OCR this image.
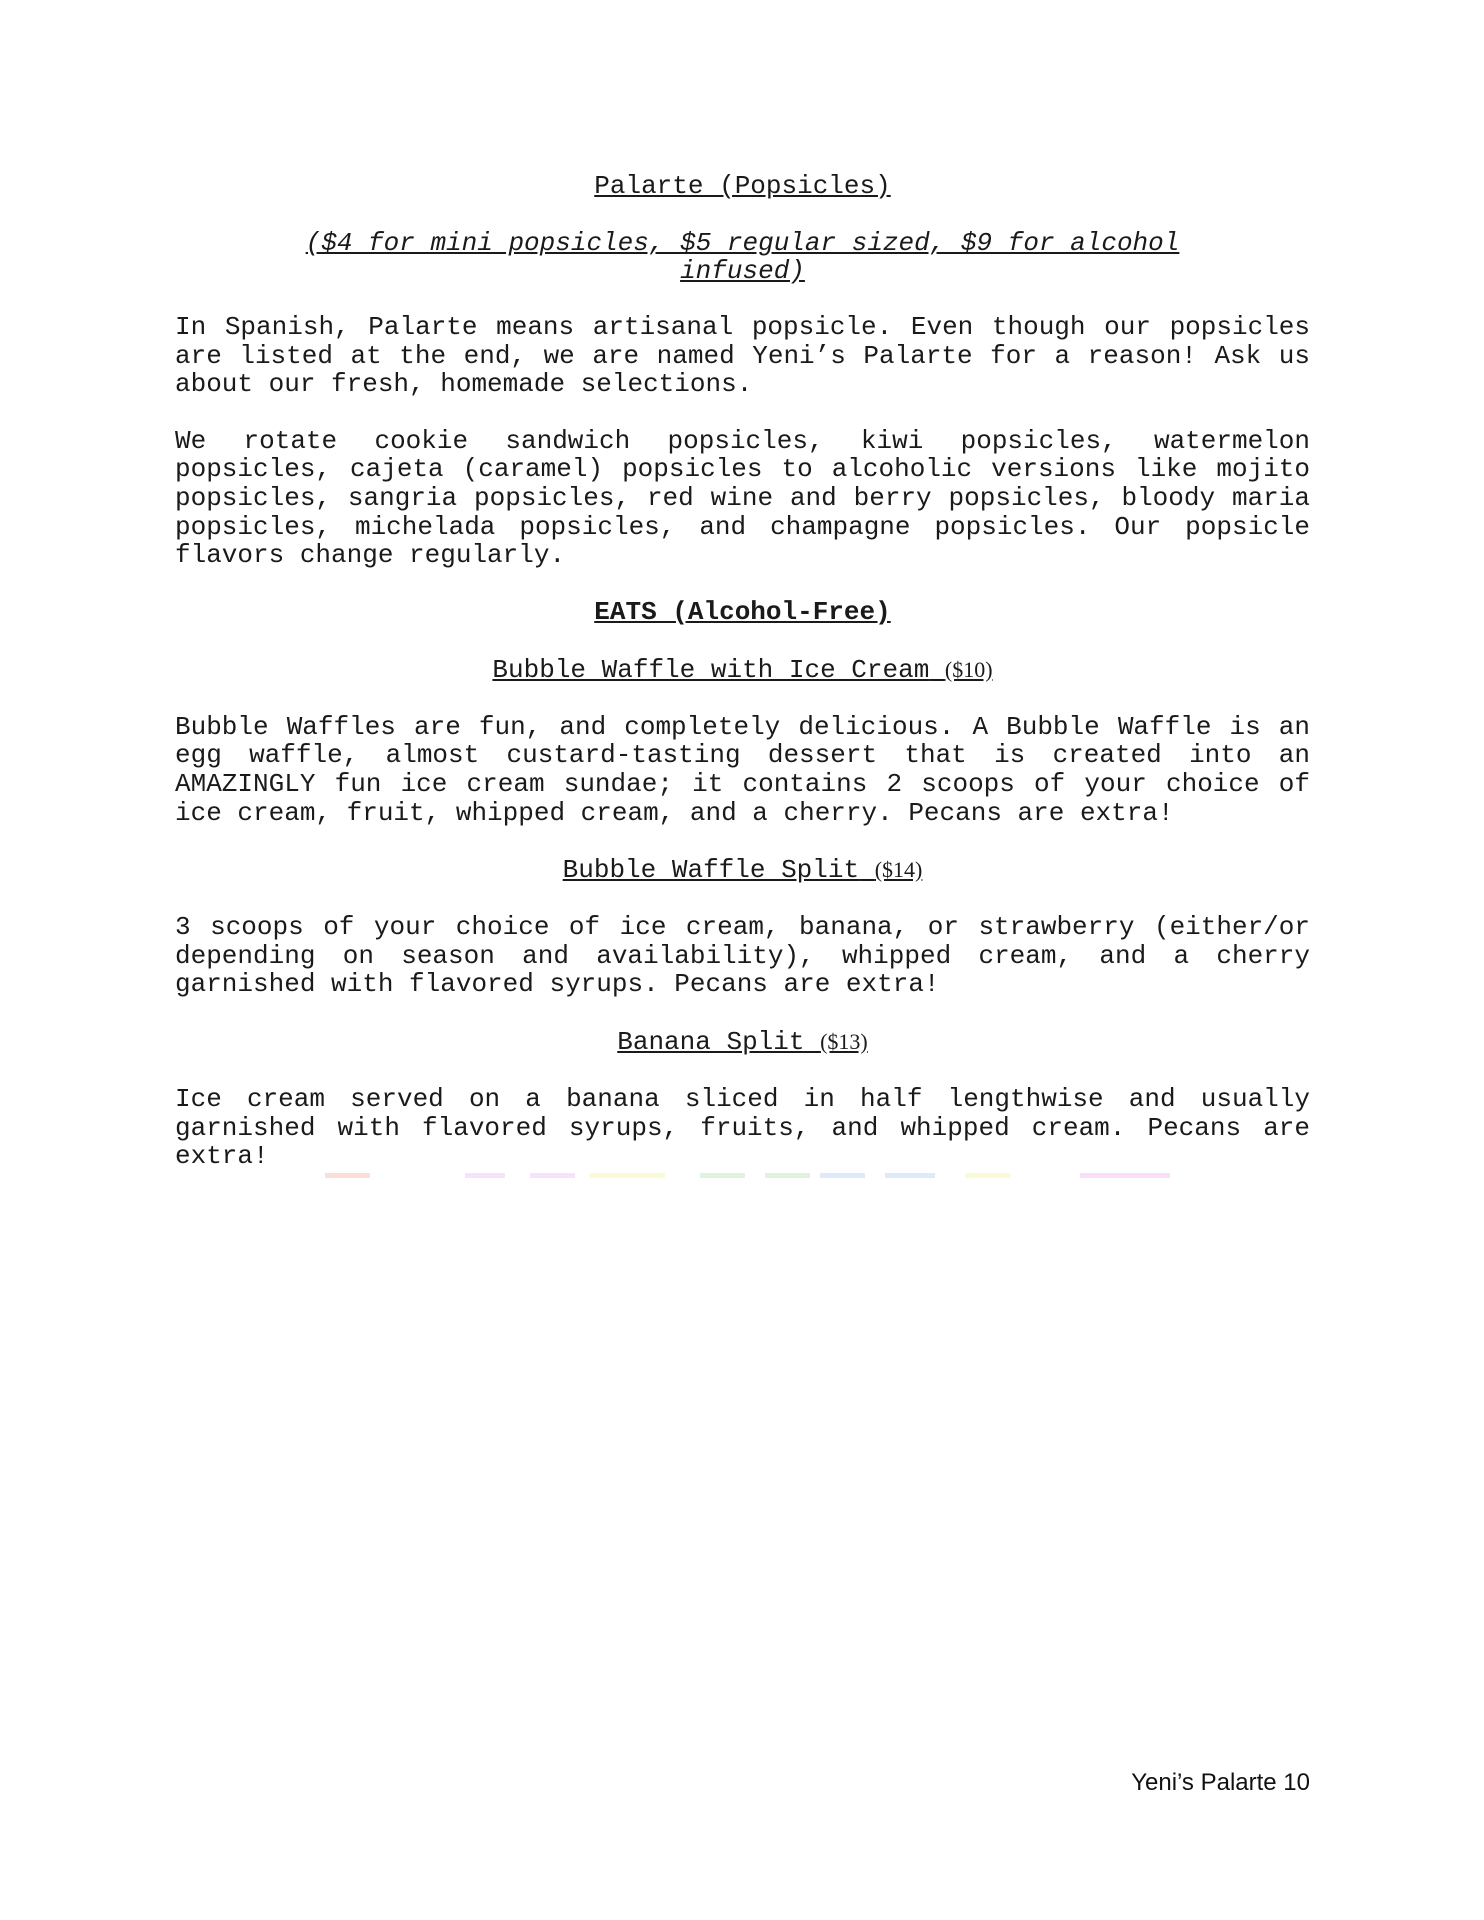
Palarte (Popsicles)
($4 for mini popsicles, $5 regular sized, $9 for alcohol
infused)

In Spanish, Palarte means artisanal popsicle. Even though our popsicles are listed at the end, we are named Yeni’s Palarte for a reason! Ask us about our fresh, homemade selections.

We rotate cookie sandwich popsicles, kiwi popsicles, watermelon popsicles, cajeta (caramel) popsicles to alcoholic versions like mojito popsicles, sangria popsicles, red wine and berry popsicles, bloody maria popsicles, michelada popsicles, and champagne popsicles. Our popsicle flavors change regularly.

EATS (Alcohol-Free)
Bubble Waffle with Ice Cream ($10)

Bubble Waffles are fun, and completely delicious. A Bubble Waffle is an egg waffle, almost custard-tasting dessert that is created into an AMAZINGLY fun ice cream sundae; it contains 2 scoops of your choice of ice cream, fruit, whipped cream, and a cherry. Pecans are extra!

Bubble Waffle Split ($14)

3 scoops of your choice of ice cream, banana, or strawberry (either/or depending on season and availability), whipped cream, and a cherry garnished with flavored syrups. Pecans are extra!

Banana Split ($13)

Ice cream served on a banana sliced in half lengthwise and usually garnished with flavored syrups, fruits, and whipped cream. Pecans are extra!

Yeni’s Palarte 10
